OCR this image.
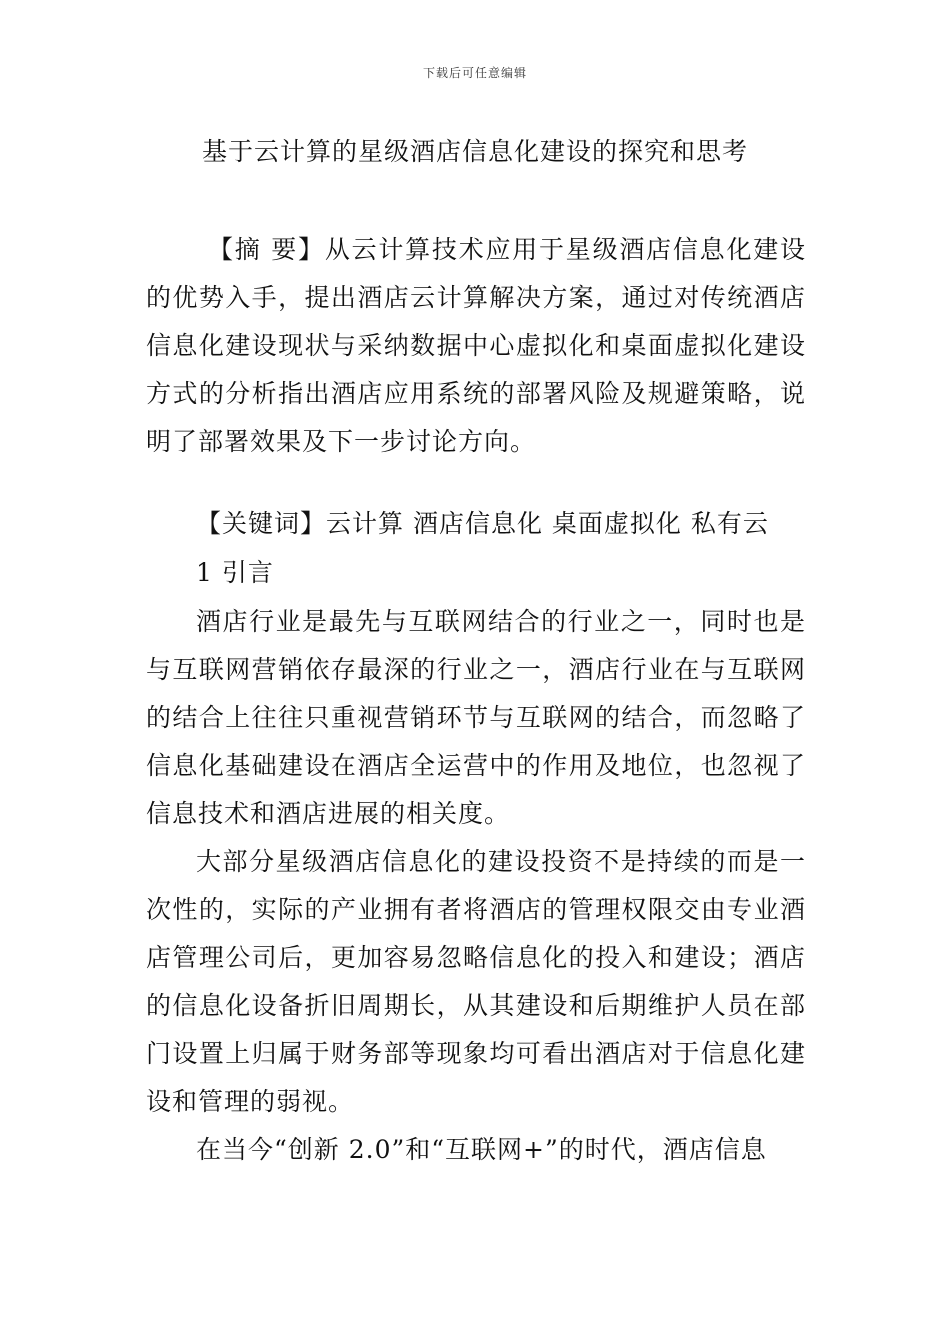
下载后可任意编辑
基于云计算的星级酒店信息化建设的探究和思考

【摘 要】从云计算技术应用于星级酒店信息化建设的优势入手，提出酒店云计算解决方案，通过对传统酒店信息化建设现状与采纳数据中心虚拟化和桌面虚拟化建设方式的分析指出酒店应用系统的部署风险及规避策略，说明了部署效果及下一步讨论方向。

【关键词】云计算 酒店信息化 桌面虚拟化 私有云
1 引言

酒店行业是最先与互联网结合的行业之一，同时也是与互联网营销依存最深的行业之一，酒店行业在与互联网的结合上往往只重视营销环节与互联网的结合，而忽略了信息化基础建设在酒店全运营中的作用及地位，也忽视了信息技术和酒店进展的相关度。

大部分星级酒店信息化的建设投资不是持续的而是一次性的，实际的产业拥有者将酒店的管理权限交由专业酒店管理公司后，更加容易忽略信息化的投入和建设；酒店的信息化设备折旧周期长，从其建设和后期维护人员在部门设置上归属于财务部等现象均可看出酒店对于信息化建设和管理的弱视。

在当今“创新 2.0”和“互联网+”的时代，酒店信息
